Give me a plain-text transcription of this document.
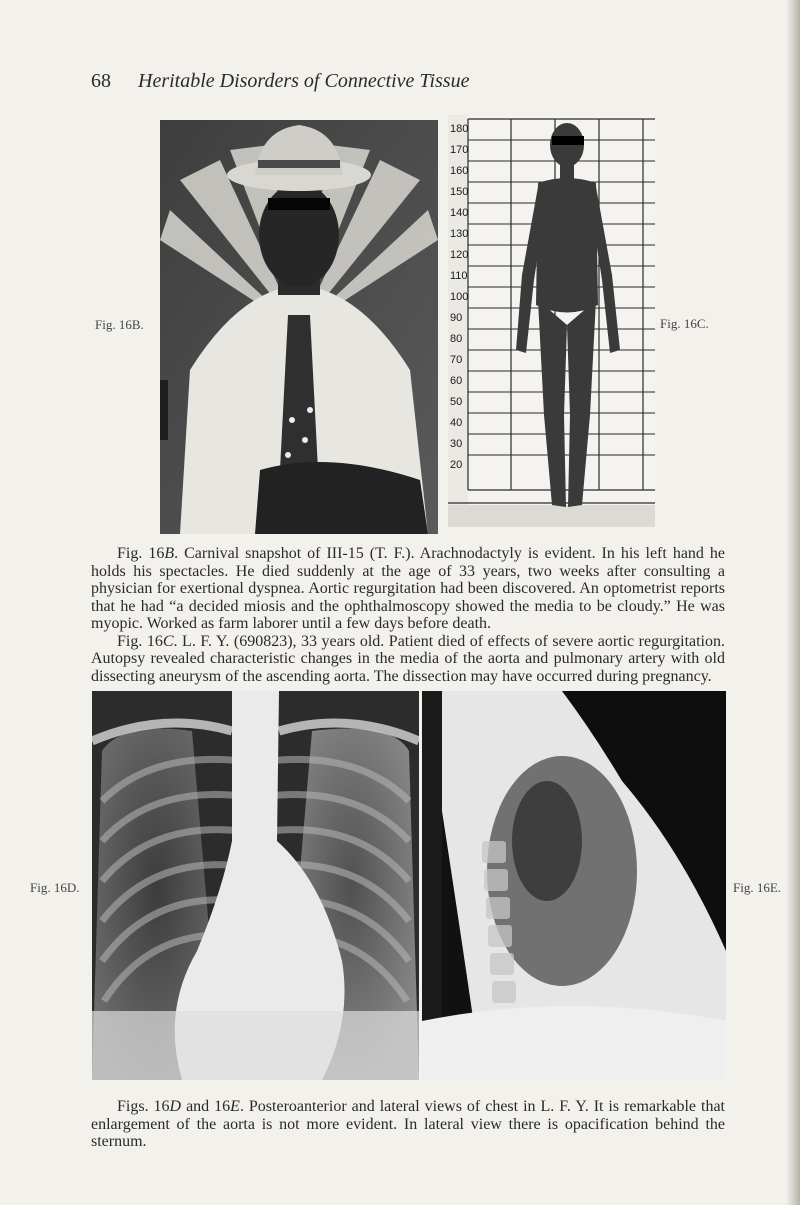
68 Heritable Disorders of Connective Tissue
Fig. 16B.
180
170
160
150
140
130
120
110
100
90
80
70
60
50
40
30
20
Fig. 16C.

Fig. 16B. Carnival snapshot of III-15 (T. F.). Arachnodactyly is evident. In his left hand he holds his spectacles. He died suddenly at the age of 33 years, two weeks after consulting a physician for exertional dyspnea. Aortic regurgitation had been discovered. An optometrist reports that he had “a decided miosis and the ophthalmoscopy showed the media to be cloudy.” He was myopic. Worked as farm laborer until a few days before death.

Fig. 16C. L. F. Y. (690823), 33 years old. Patient died of effects of severe aortic regurgitation. Autopsy revealed characteristic changes in the media of the aorta and pulmonary artery with old dissecting aneurysm of the ascending aorta. The dissection may have occurred during pregnancy.

Fig. 16D.	Fig. 16E.

Figs. 16D and 16E. Posteroanterior and lateral views of chest in L. F. Y. It is remarkable that enlargement of the aorta is not more evident. In lateral view there is opacification behind the sternum.
